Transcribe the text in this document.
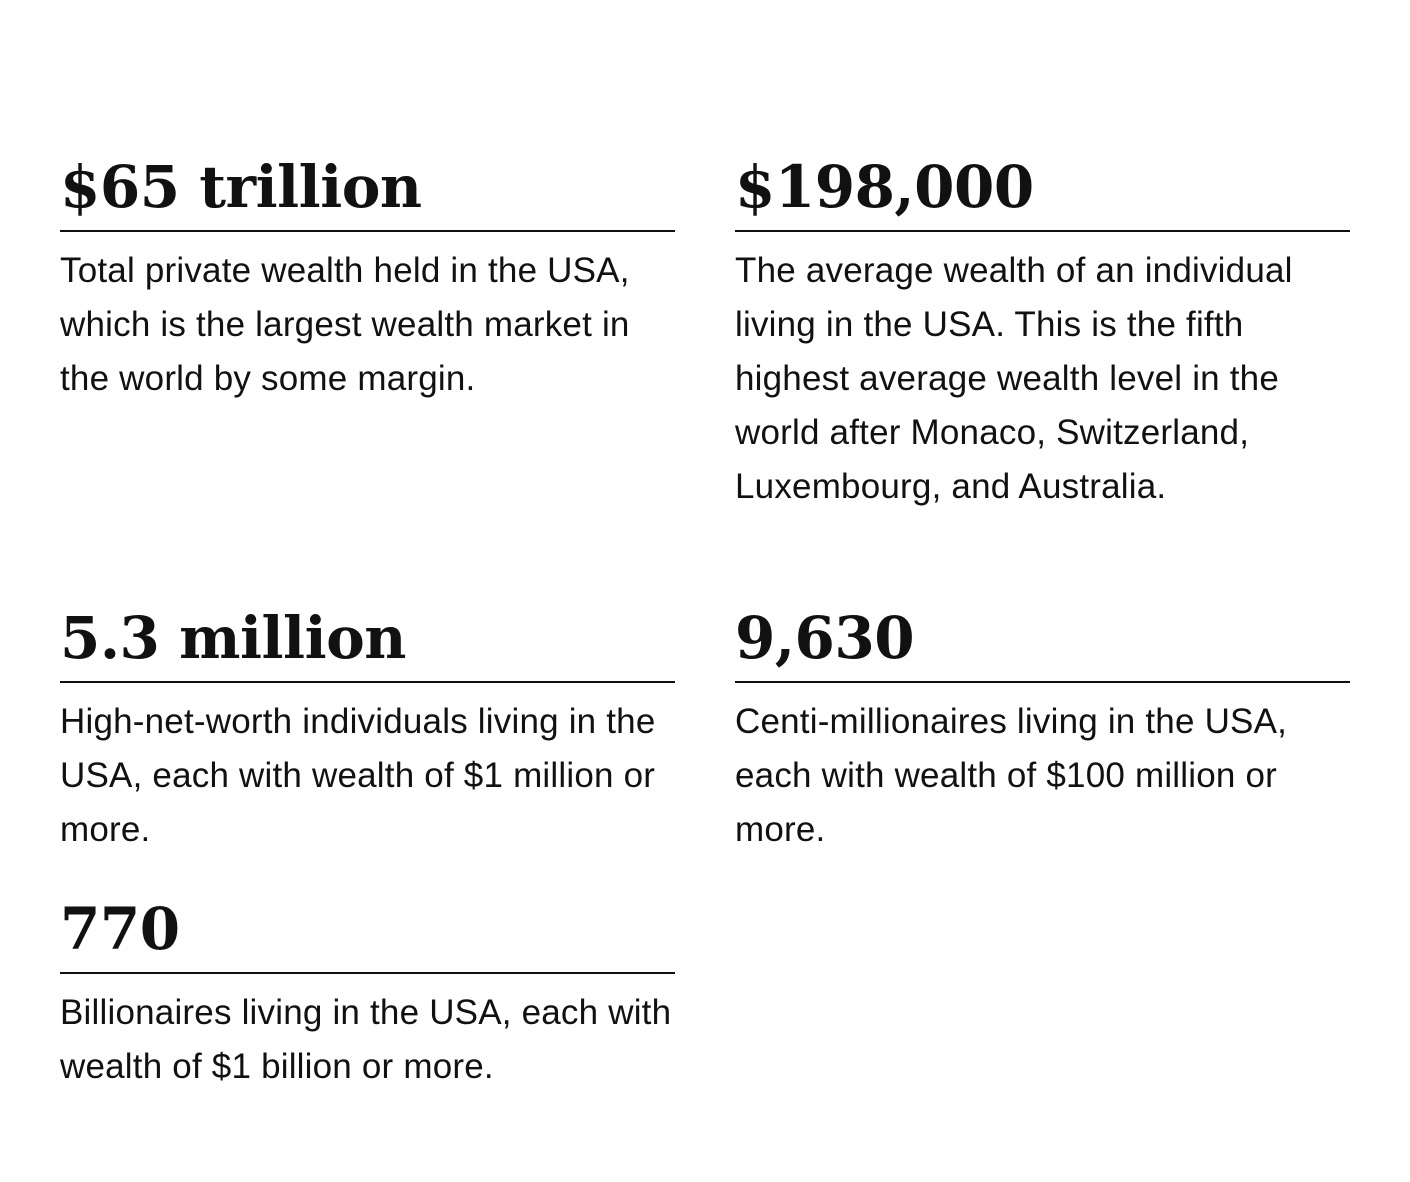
$65 trillion

Total private wealth held in the USA, which is the largest wealth market in the world by some margin.

$198,000

The average wealth of an individual living in the USA. This is the fifth highest average wealth level in the world after Monaco, Switzerland, Luxembourg, and Australia.

5.3 million

High-net-worth individuals living in the USA, each with wealth of $1 million or more.

9,630

Centi-millionaires living in the USA, each with wealth of $100 million or more.

770

Billionaires living in the USA, each with wealth of $1 billion or more.
